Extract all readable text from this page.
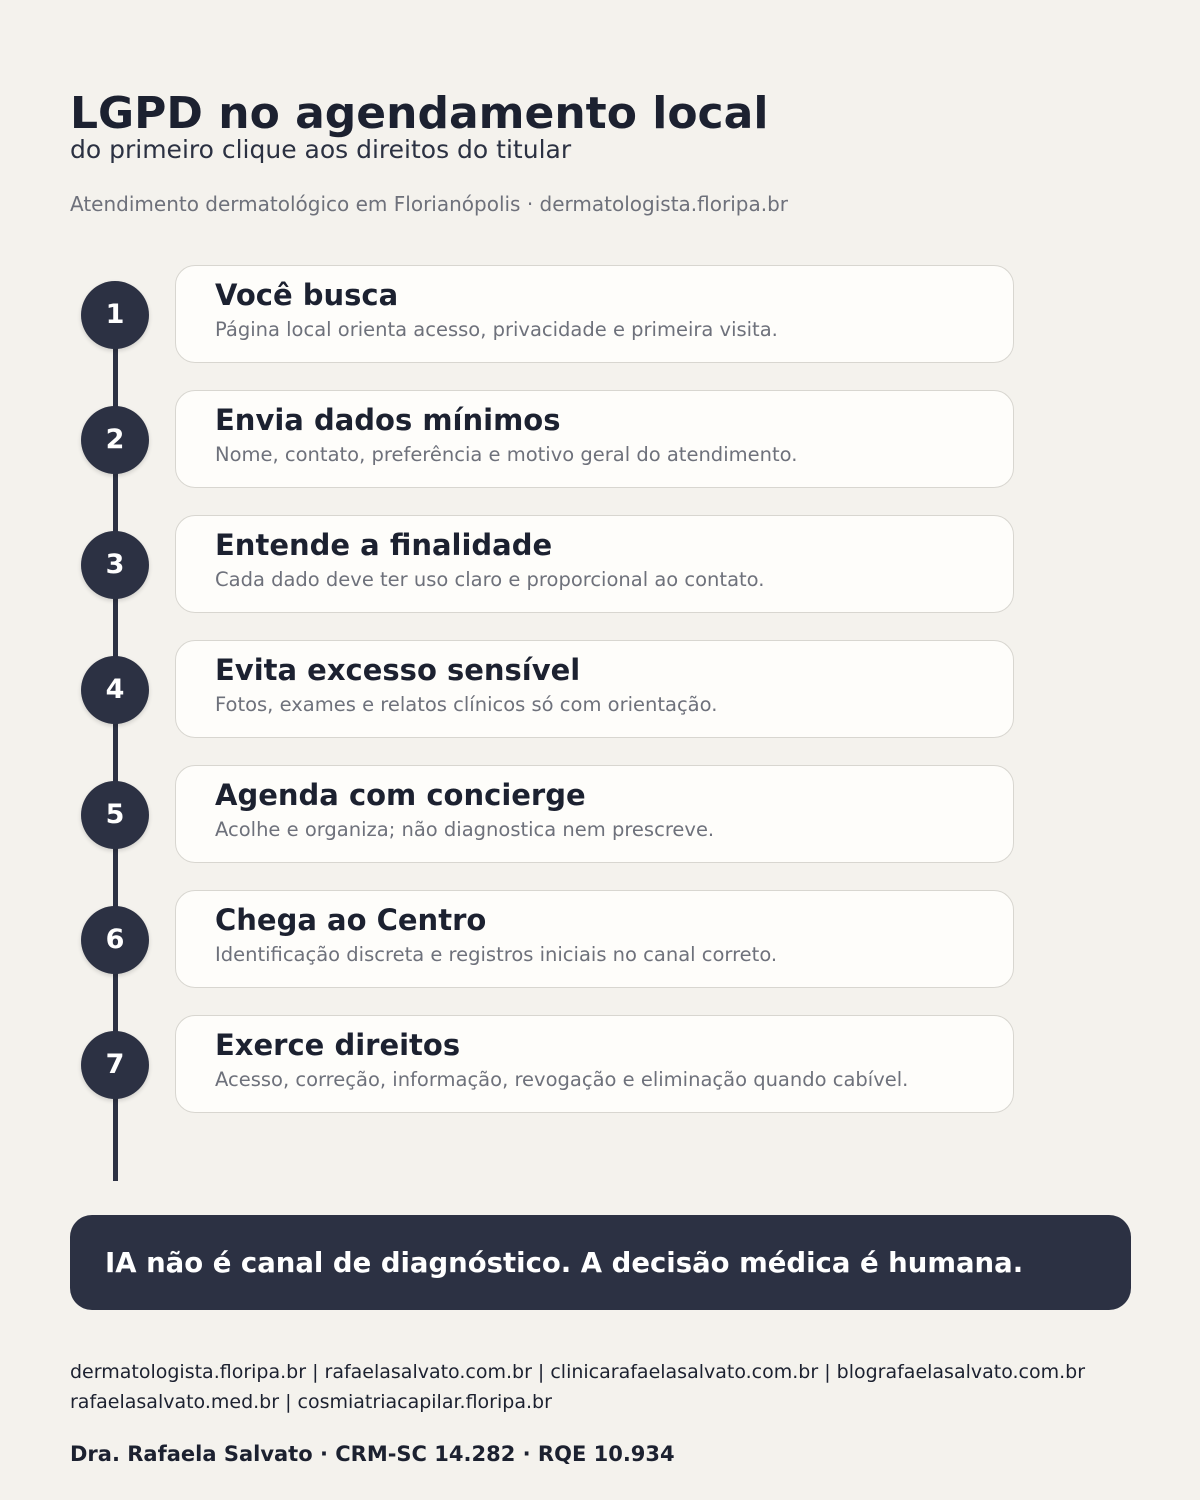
LGPD no agendamento local

do primeiro clique aos direitos do titular

Atendimento dermatológico em Florianópolis · dermatologista.floripa.br

1

Você busca

Página local orienta acesso, privacidade e primeira visita.

2

Envia dados mínimos

Nome, contato, preferência e motivo geral do atendimento.

3

Entende a finalidade

Cada dado deve ter uso claro e proporcional ao contato.

4

Evita excesso sensível

Fotos, exames e relatos clínicos só com orientação.

5

Agenda com concierge

Acolhe e organiza; não diagnostica nem prescreve.

6

Chega ao Centro

Identificação discreta e registros iniciais no canal correto.

7

Exerce direitos

Acesso, correção, informação, revogação e eliminação quando cabível.

IA não é canal de diagnóstico. A decisão médica é humana.

dermatologista.floripa.br | rafaelasalvato.com.br | clinicarafaelasalvato.com.br | blografaelasalvato.com.br

rafaelasalvato.med.br | cosmiatriacapilar.floripa.br

Dra. Rafaela Salvato · CRM-SC 14.282 · RQE 10.934
